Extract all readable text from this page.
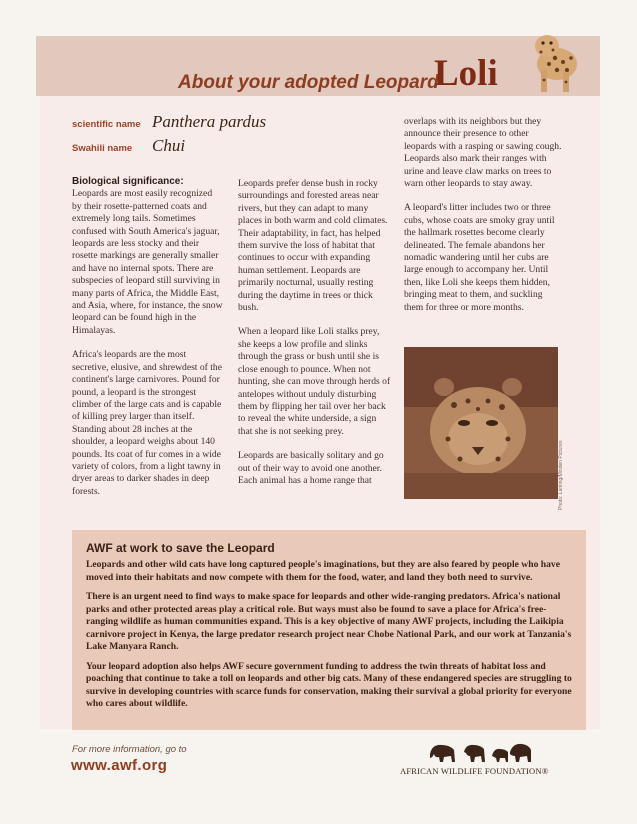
About your adopted Leopard
Loli
scientific name Panthera pardus
Swahili name	Chui

Biological significance:
Leopards are most easily recognized by their rosette-patterned coats and extremely long tails. Sometimes confused with South America's jaguar, leopards are less stocky and their rosette markings are generally smaller and have no internal spots. There are subspecies of leopard still surviving in many parts of Africa, the Middle East, and Asia, where, for instance, the snow leopard can be found high in the Himalayas.

Africa's leopards are the most secretive, elusive, and shrewdest of the continent's large carnivores. Pound for pound, a leopard is the strongest climber of the large cats and is capable of killing prey larger than itself. Standing about 28 inches at the shoulder, a leopard weighs about 140 pounds. Its coat of fur comes in a wide variety of colors, from a light tawny in dryer areas to darker shades in deep forests.

Leopards prefer dense bush in rocky surroundings and forested areas near rivers, but they can adapt to many places in both warm and cold climates. Their adaptability, in fact, has helped them survive the loss of habitat that continues to occur with expanding human settlement. Leopards are primarily nocturnal, usually resting during the daytime in trees or thick bush.

When a leopard like Loli stalks prey, she keeps a low profile and slinks through the grass or bush until she is close enough to pounce. When not hunting, she can move through herds of antelopes without unduly disturbing them by flipping her tail over her back to reveal the white underside, a sign that she is not seeking prey.

Leopards are basically solitary and go out of their way to avoid one another. Each animal has a home range that

overlaps with its neighbors but they announce their presence to other leopards with a rasping or sawing cough. Leopards also mark their ranges with urine and leave claw marks on trees to warn other leopards to stay away.

A leopard's litter includes two or three cubs, whose coats are smoky gray until the hallmark rosettes become clearly delineated. The female abandons her nomadic wandering until her cubs are large enough to accompany her. Until then, like Loli she keeps them hidden, bringing meat to them, and suckling them for three or more months.

Photo: Lanting/Minden Pictures
AWF at work to save the Leopard

Leopards and other wild cats have long captured people's imaginations, but they are also feared by people who have moved into their habitats and now compete with them for the food, water, and land they both need to survive.

There is an urgent need to find ways to make space for leopards and other wide-ranging predators. Africa's national parks and other protected areas play a critical role. But ways must also be found to save a place for Africa's free-ranging wildlife as human communities expand. This is a key objective of many AWF projects, including the Laikipia carnivore project in Kenya, the large predator research project near Chobe National Park, and our work at Tanzania's Lake Manyara Ranch.

Your leopard adoption also helps AWF secure government funding to address the twin threats of habitat loss and poaching that continue to take a toll on leopards and other big cats. Many of these endangered species are struggling to survive in developing countries with scarce funds for conservation, making their survival a global priority for everyone who cares about wildlife.

For more information, go to
www.awf.org	AFRICAN WILDLIFE FOUNDATION®
